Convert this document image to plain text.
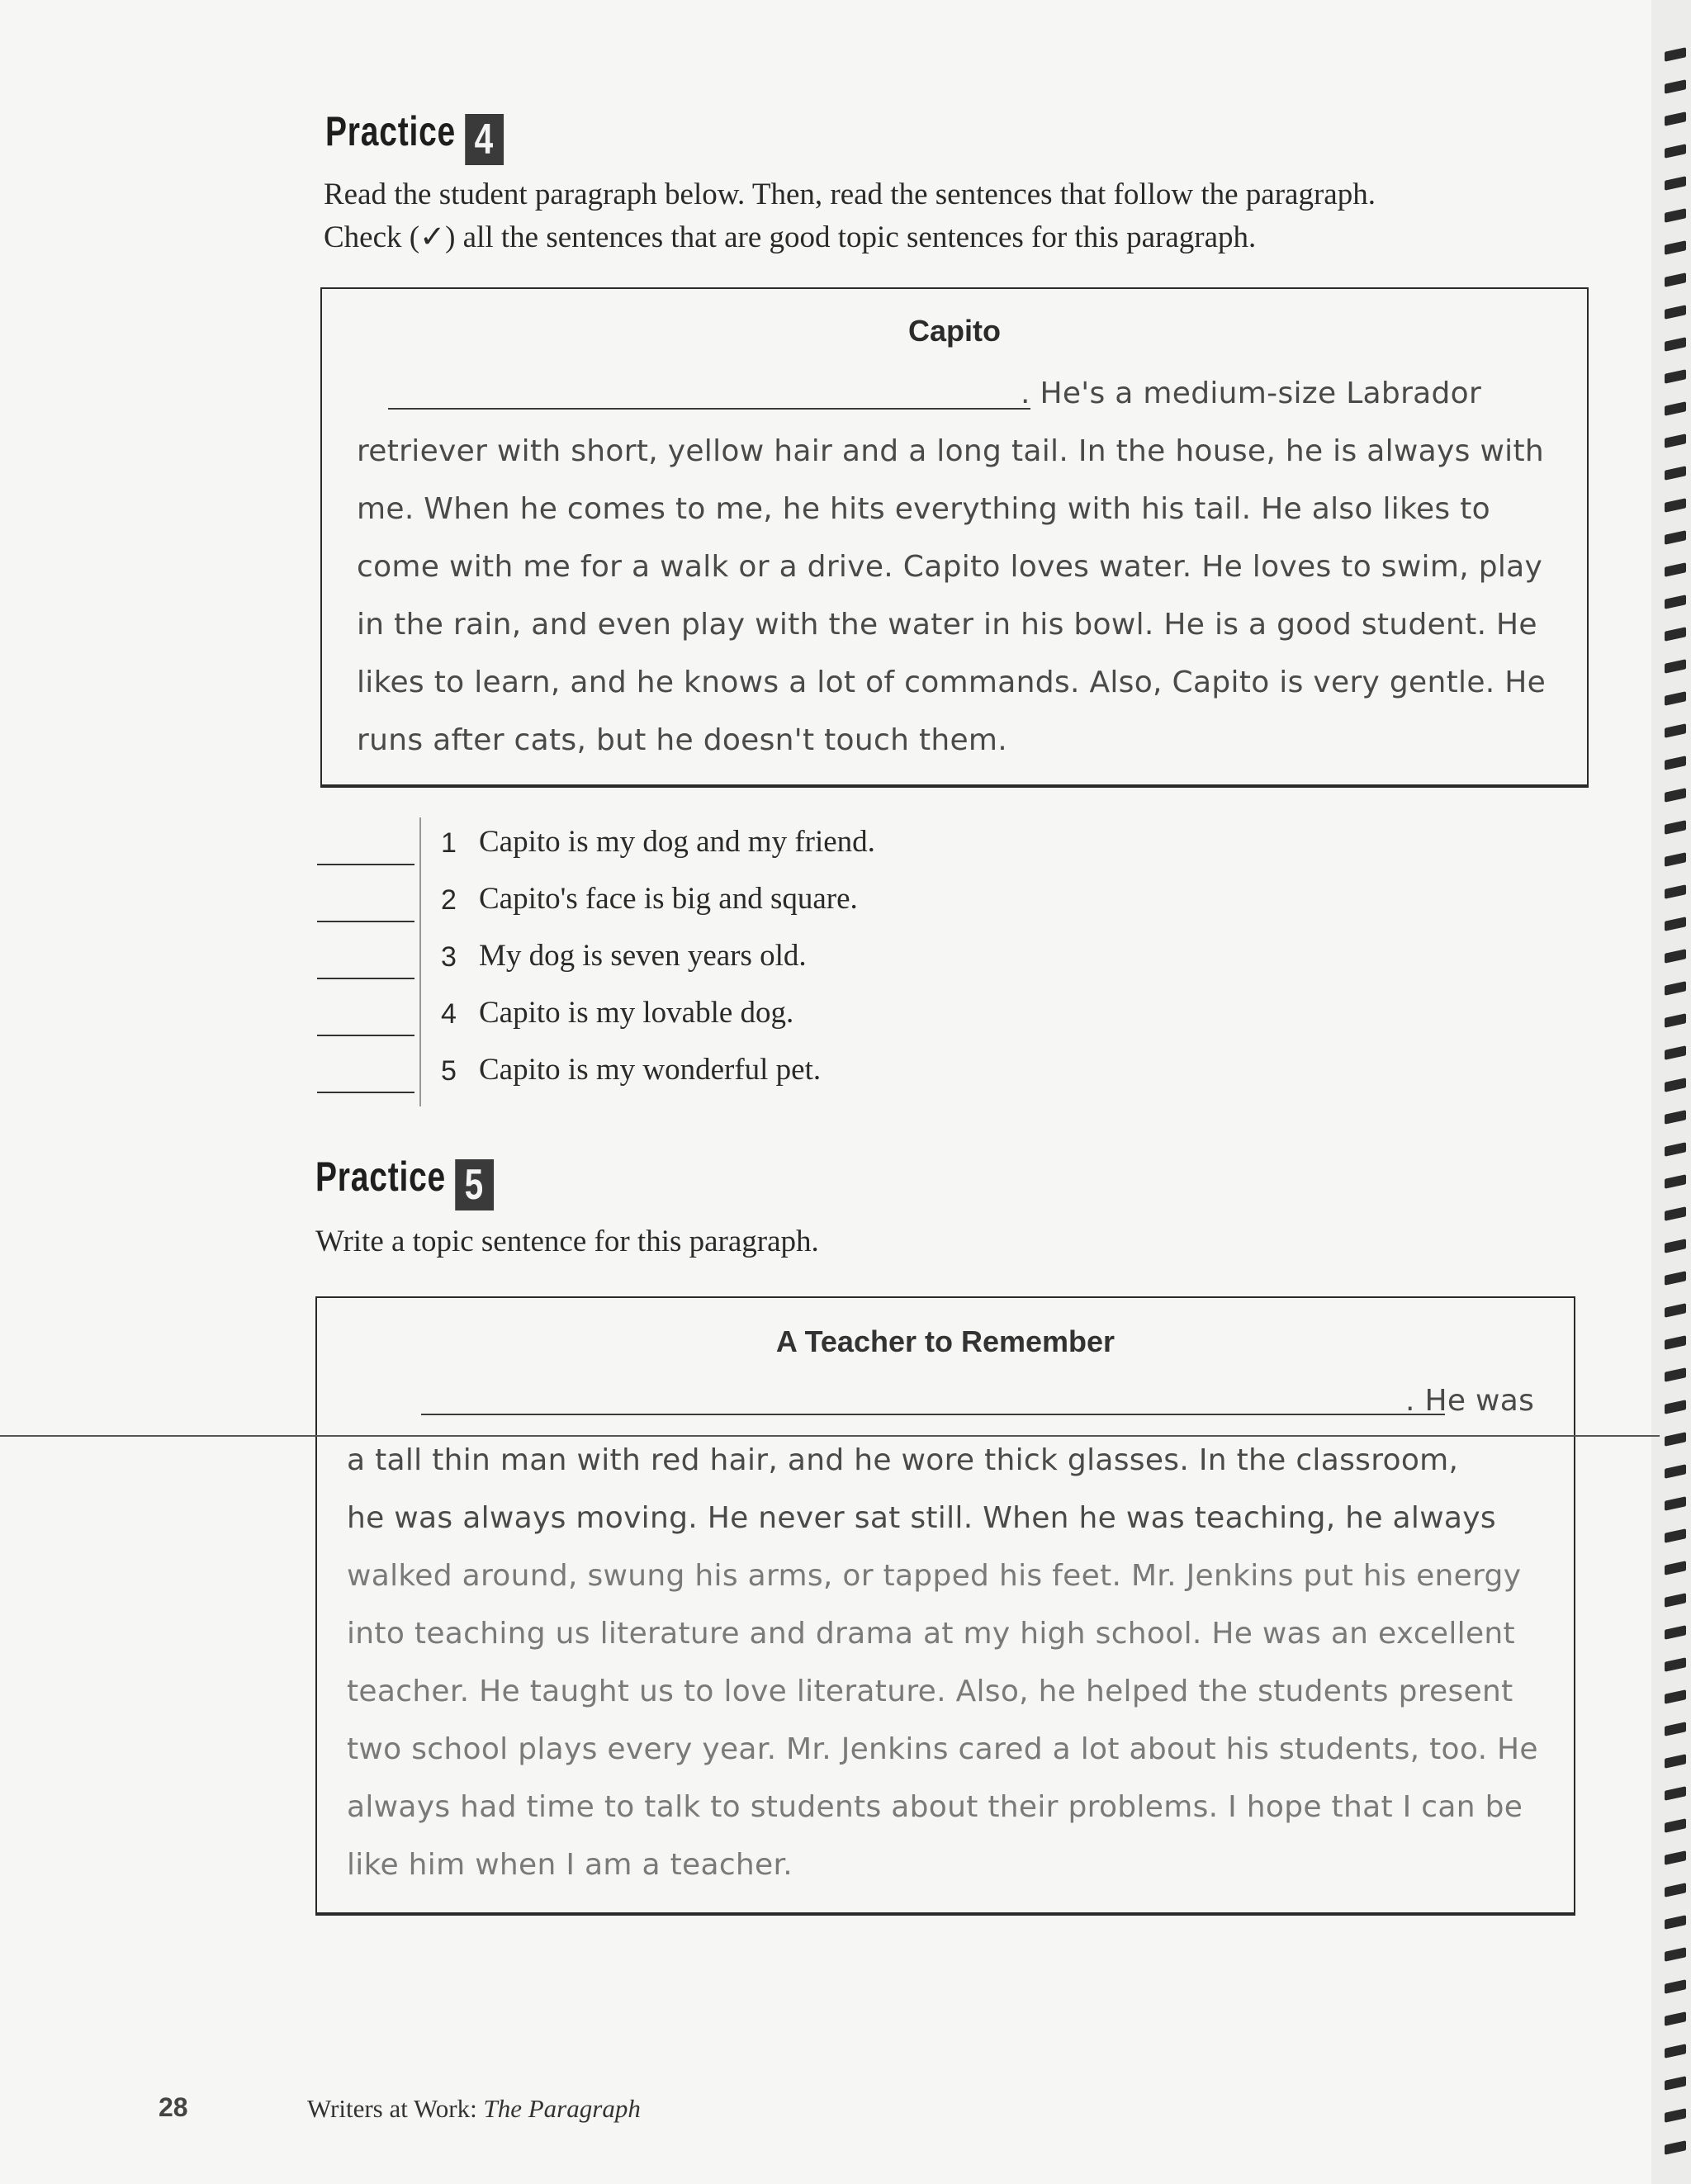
Practice 4
Read the student paragraph below. Then, read the sentences that follow the paragraph.
Check (✓) all the sentences that are good topic sentences for this paragraph.
Capito
. He's a medium-size Labrador
retriever with short, yellow hair and a long tail. In the house, he is always with
me. When he comes to me, he hits everything with his tail. He also likes to
come with me for a walk or a drive. Capito loves water. He loves to swim, play
in the rain, and even play with the water in his bowl. He is a good student. He
likes to learn, and he knows a lot of commands. Also, Capito is very gentle. He
runs after cats, but he doesn't touch them.
1 Capito is my dog and my friend.
2 Capito's face is big and square.
3 My dog is seven years old.
4 Capito is my lovable dog.
5 Capito is my wonderful pet.
Practice 5
Write a topic sentence for this paragraph.
A Teacher to Remember
. He was
a tall thin man with red hair, and he wore thick glasses. In the classroom,
he was always moving. He never sat still. When he was teaching, he always
walked around, swung his arms, or tapped his feet. Mr. Jenkins put his energy
into teaching us literature and drama at my high school. He was an excellent
teacher. He taught us to love literature. Also, he helped the students present
two school plays every year. Mr. Jenkins cared a lot about his students, too. He
always had time to talk to students about their problems. I hope that I can be
like him when I am a teacher.
28	Writers at Work: The Paragraph
